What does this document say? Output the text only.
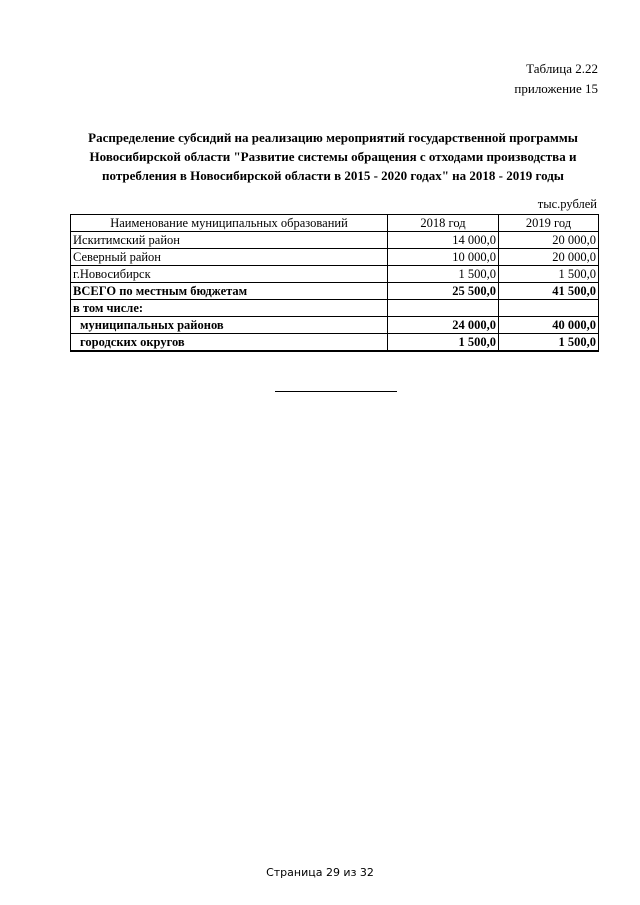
Таблица 2.22
приложение 15
Распределение субсидий на реализацию мероприятий государственной программы
Новосибирской области "Развитие системы обращения с отходами производства и
потребления в Новосибирской области в 2015 - 2020 годах" на 2018 - 2019 годы
тыс.рублей
Наименование муниципальных образований	2018 год	2019 год
Искитимский район	14 000,0	20 000,0
Северный район	10 000,0	20 000,0
г.Новосибирск	1 500,0	1 500,0
ВСЕГО по местным бюджетам	25 500,0	41 500,0
в том числе:		
муниципальных районов	24 000,0	40 000,0
городских округов	1 500,0	1 500,0
Страница 29 из 32
